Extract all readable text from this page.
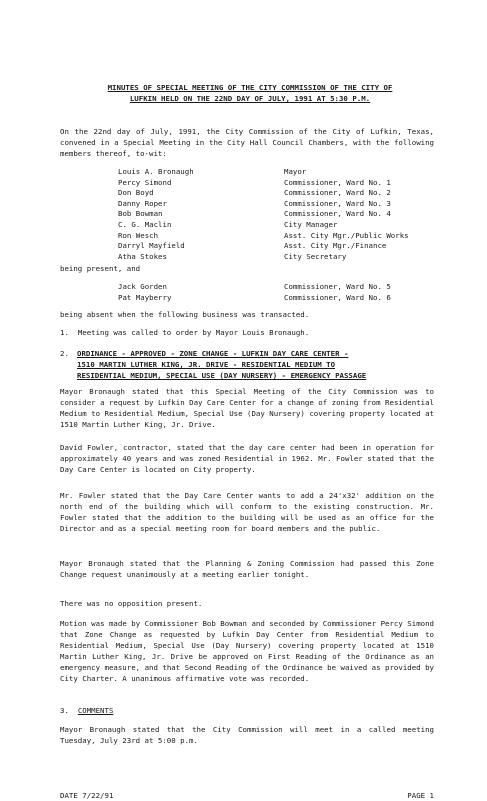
MINUTES OF SPECIAL MEETING OF THE CITY COMMISSION OF THE CITY OF
LUFKIN HELD ON THE 22ND DAY OF JULY, 1991 AT 5:30 P.M.

On the 22nd day of July, 1991, the City Commission of the City of Lufkin, Texas, convened in a Special Meeting in the City Hall Council Chambers, with the following members thereof, to-wit:

Louis A. Bronaugh	Mayor
Percy Simond	Commissioner, Ward No. 1
Don Boyd	Commissioner, Ward No. 2
Danny Roper	Commissioner, Ward No. 3
Bob Bowman	Commissioner, Ward No. 4
C. G. Maclin	City Manager
Ron Wesch	Asst. City Mgr./Public Works
Darryl Mayfield	Asst. City Mgr./Finance
Atha Stokes	City Secretary
being present, and
Jack Gorden	Commissioner, Ward No. 5
Pat Mayberry	Commissioner, Ward No. 6
being absent when the following business was transacted.
1. Meeting was called to order by Mayor Louis Bronaugh.
2. ORDINANCE - APPROVED - ZONE CHANGE - LUFKIN DAY CARE CENTER -
1510 MARTIN LUTHER KING, JR. DRIVE - RESIDENTIAL MEDIUM TO
RESIDENTIAL MEDIUM, SPECIAL USE (DAY NURSERY) - EMERGENCY PASSAGE

Mayor Bronaugh stated that this Special Meeting of the City Commission was to consider a request by Lufkin Day Care Center for a change of zoning from Residential Medium to Residential Medium, Special Use (Day Nursery) covering property located at 1510 Martin Luther King, Jr. Drive.

David Fowler, contractor, stated that the day care center had been in operation for approximately 40 years and was zoned Residential in 1962. Mr. Fowler stated that the Day Care Center is located on City property.

Mr. Fowler stated that the Day Care Center wants to add a 24'x32' addition on the north end of the building which will conform to the existing construction. Mr. Fowler stated that the addition to the building will be used as an office for the Director and as a special meeting room for board members and the public.

Mayor Bronaugh stated that the Planning & Zoning Commission had passed this Zone Change request unanimously at a meeting earlier tonight.

There was no opposition present.

Motion was made by Commissioner Bob Bowman and seconded by Commissioner Percy Simond that Zone Change as requested by Lufkin Day Center from Residential Medium to Residential Medium, Special Use (Day Nursery) covering property located at 1510 Martin Luther King, Jr. Drive be approved on First Reading of the Ordinance as an emergency measure, and that Second Reading of the Ordinance be waived as provided by City Charter. A unanimous affirmative vote was recorded.

3. COMMENTS

Mayor Bronaugh stated that the City Commission will meet in a called meeting Tuesday, July 23rd at 5:00 p.m.

DATE 7/22/91	PAGE 1
